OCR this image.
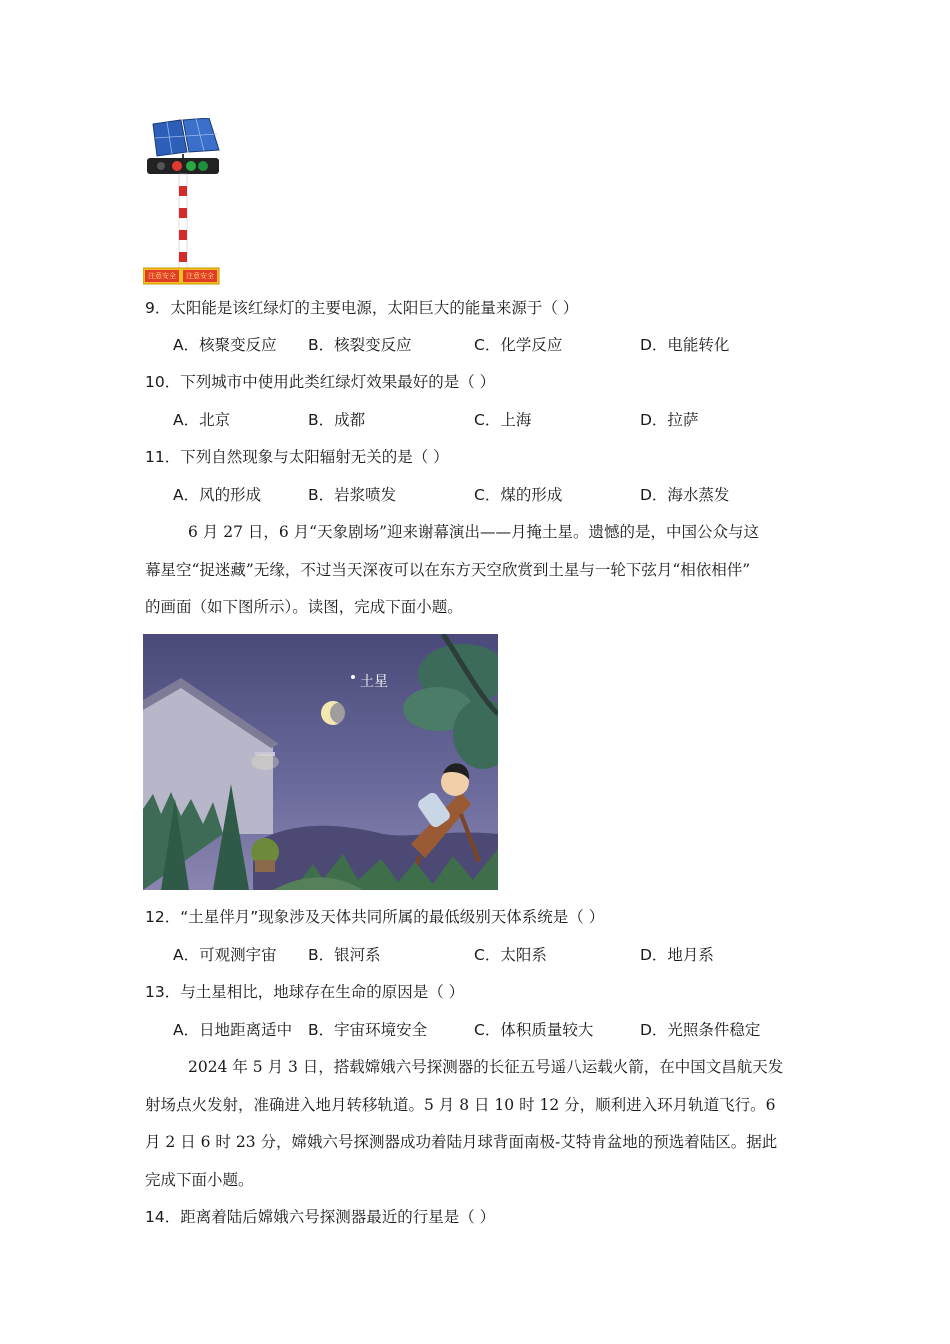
注意安全	注意安全
9．太阳能是该红绿灯的主要电源，太阳巨大的能量来源于（ ）
A．核聚变反应 B．核裂变反应	C．化学反应	D．电能转化
10．下列城市中使用此类红绿灯效果最好的是（ ）
A．北京	B．成都	C．上海	D．拉萨
11．下列自然现象与太阳辐射无关的是（ ）
A．风的形成	B．岩浆喷发	C．煤的形成	D．海水蒸发
6 月 27 日，6 月“天象剧场”迎来谢幕演出——月掩土星。遗憾的是，中国公众与这
幕星空“捉迷藏”无缘，不过当天深夜可以在东方天空欣赏到土星与一轮下弦月“相依相伴”
的画面（如下图所示）。读图，完成下面小题。
土星
12．“土星伴月”现象涉及天体共同所属的最低级别天体系统是（ ）
A．可观测宇宙 B．银河系	C．太阳系	D．地月系
13．与土星相比，地球存在生命的原因是（ ）
A．日地距离适中 B．宇宙环境安全	C．体积质量较大	D．光照条件稳定
2024 年 5 月 3 日，搭载嫦娥六号探测器的长征五号遥八运载火箭，在中国文昌航天发
射场点火发射，准确进入地月转移轨道。5 月 8 日 10 时 12 分，顺利进入环月轨道飞行。6
月 2 日 6 时 23 分，嫦娥六号探测器成功着陆月球背面南极-艾特肯盆地的预选着陆区。据此
完成下面小题。
14．距离着陆后嫦娥六号探测器最近的行星是（ ）
